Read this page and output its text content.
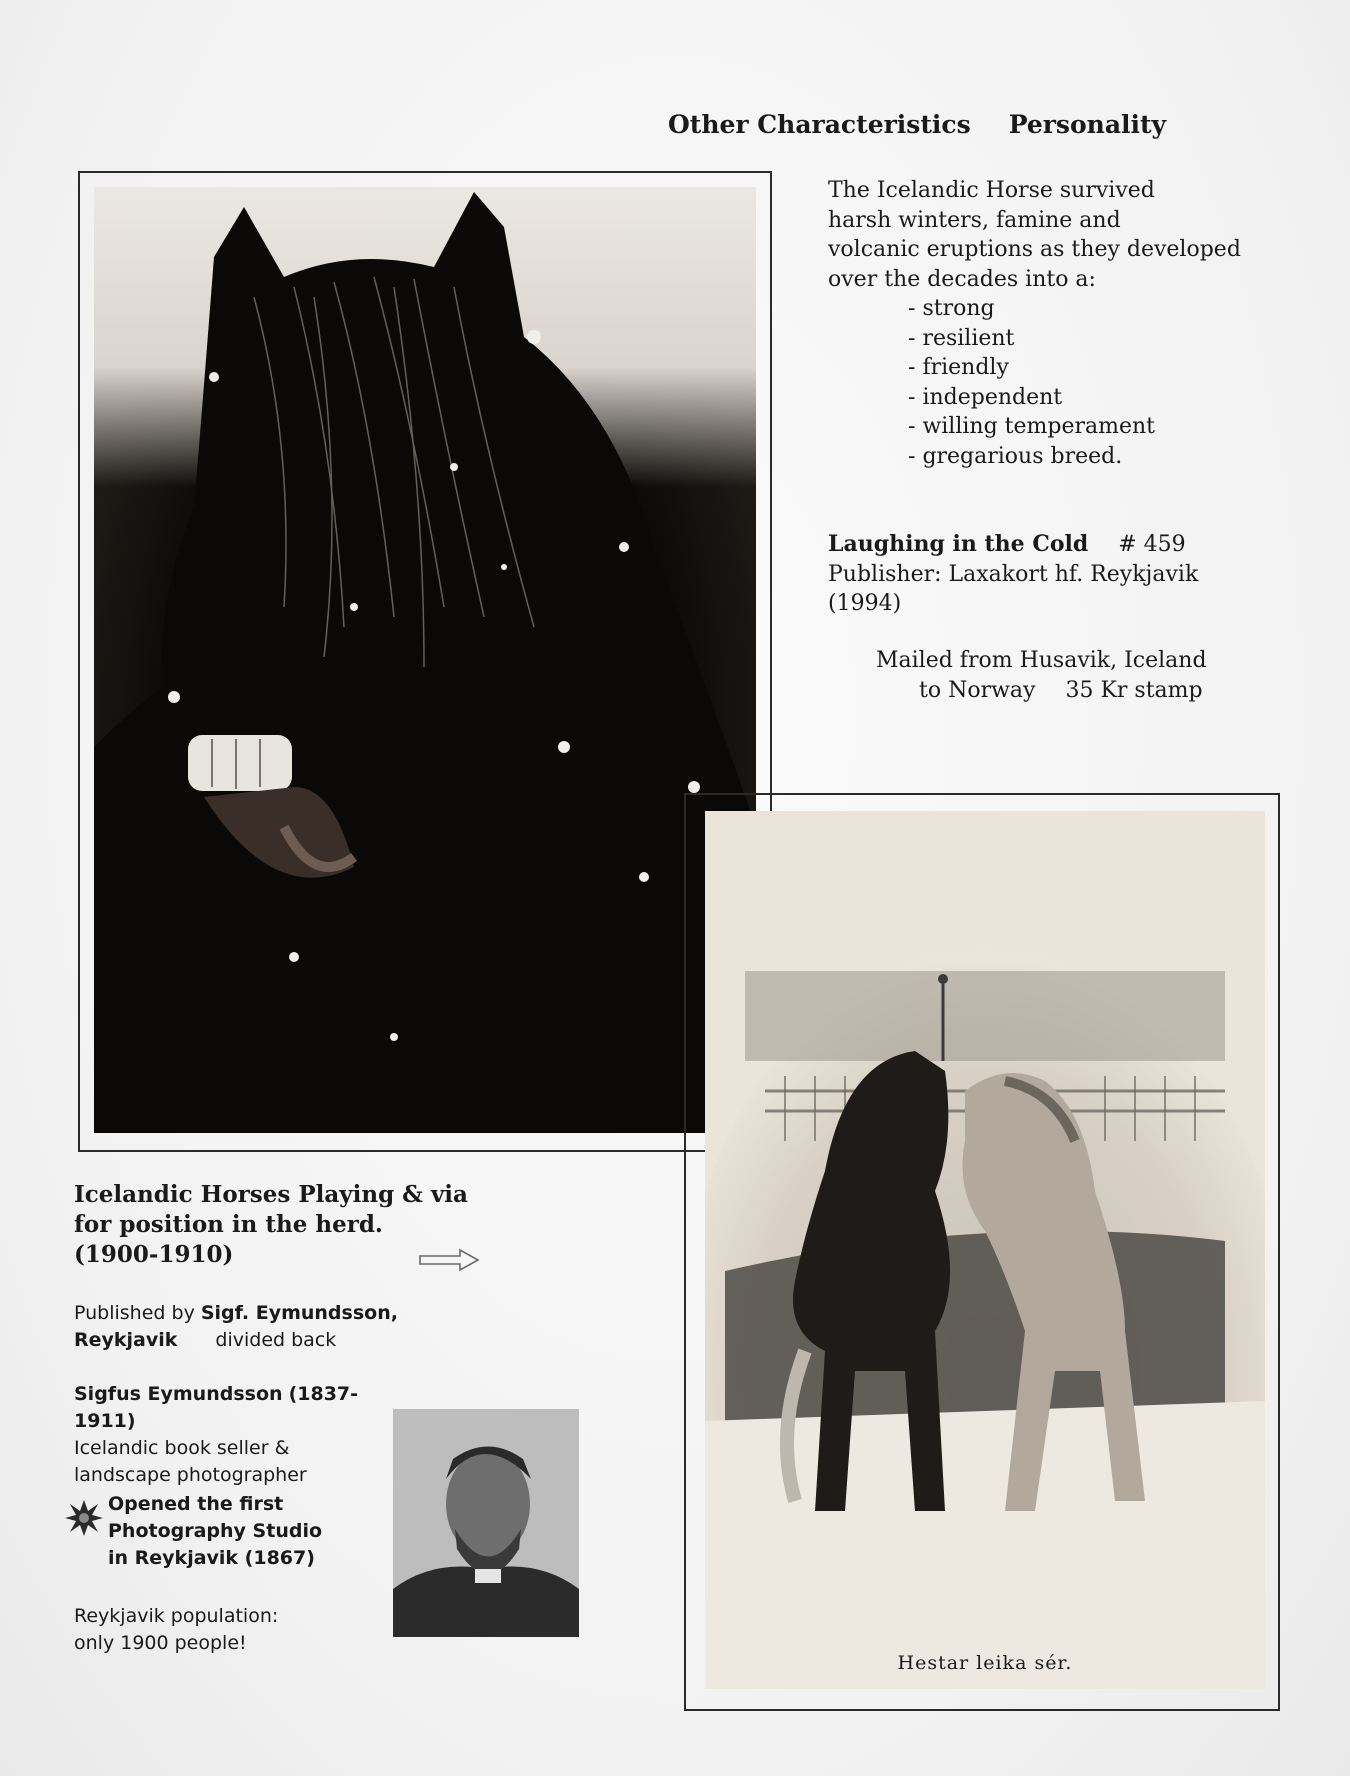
Other Characteristics Personality

The Icelandic Horse survived

harsh winters, famine and

volcanic eruptions as they developed

over the decades into a:

- strong
- resilient
- friendly
- independent
- willing temperament
- gregarious breed.

Laughing in the Cold # 459

Publisher: Laxakort hf. Reykjavik

(1994)

Mailed from Husavik, Iceland

to Norway 35 Kr stamp

Hestar leika sér.

Icelandic Horses Playing & via

for position in the herd.

(1900-1910)

Published by Sigf. Eymundsson,

Reykjavik divided back

Sigfus Eymundsson (1837-1911)

Icelandic book seller &

landscape photographer

Opened the first

Photography Studio

in Reykjavik (1867)

Reykjavik population:

only 1900 people!
